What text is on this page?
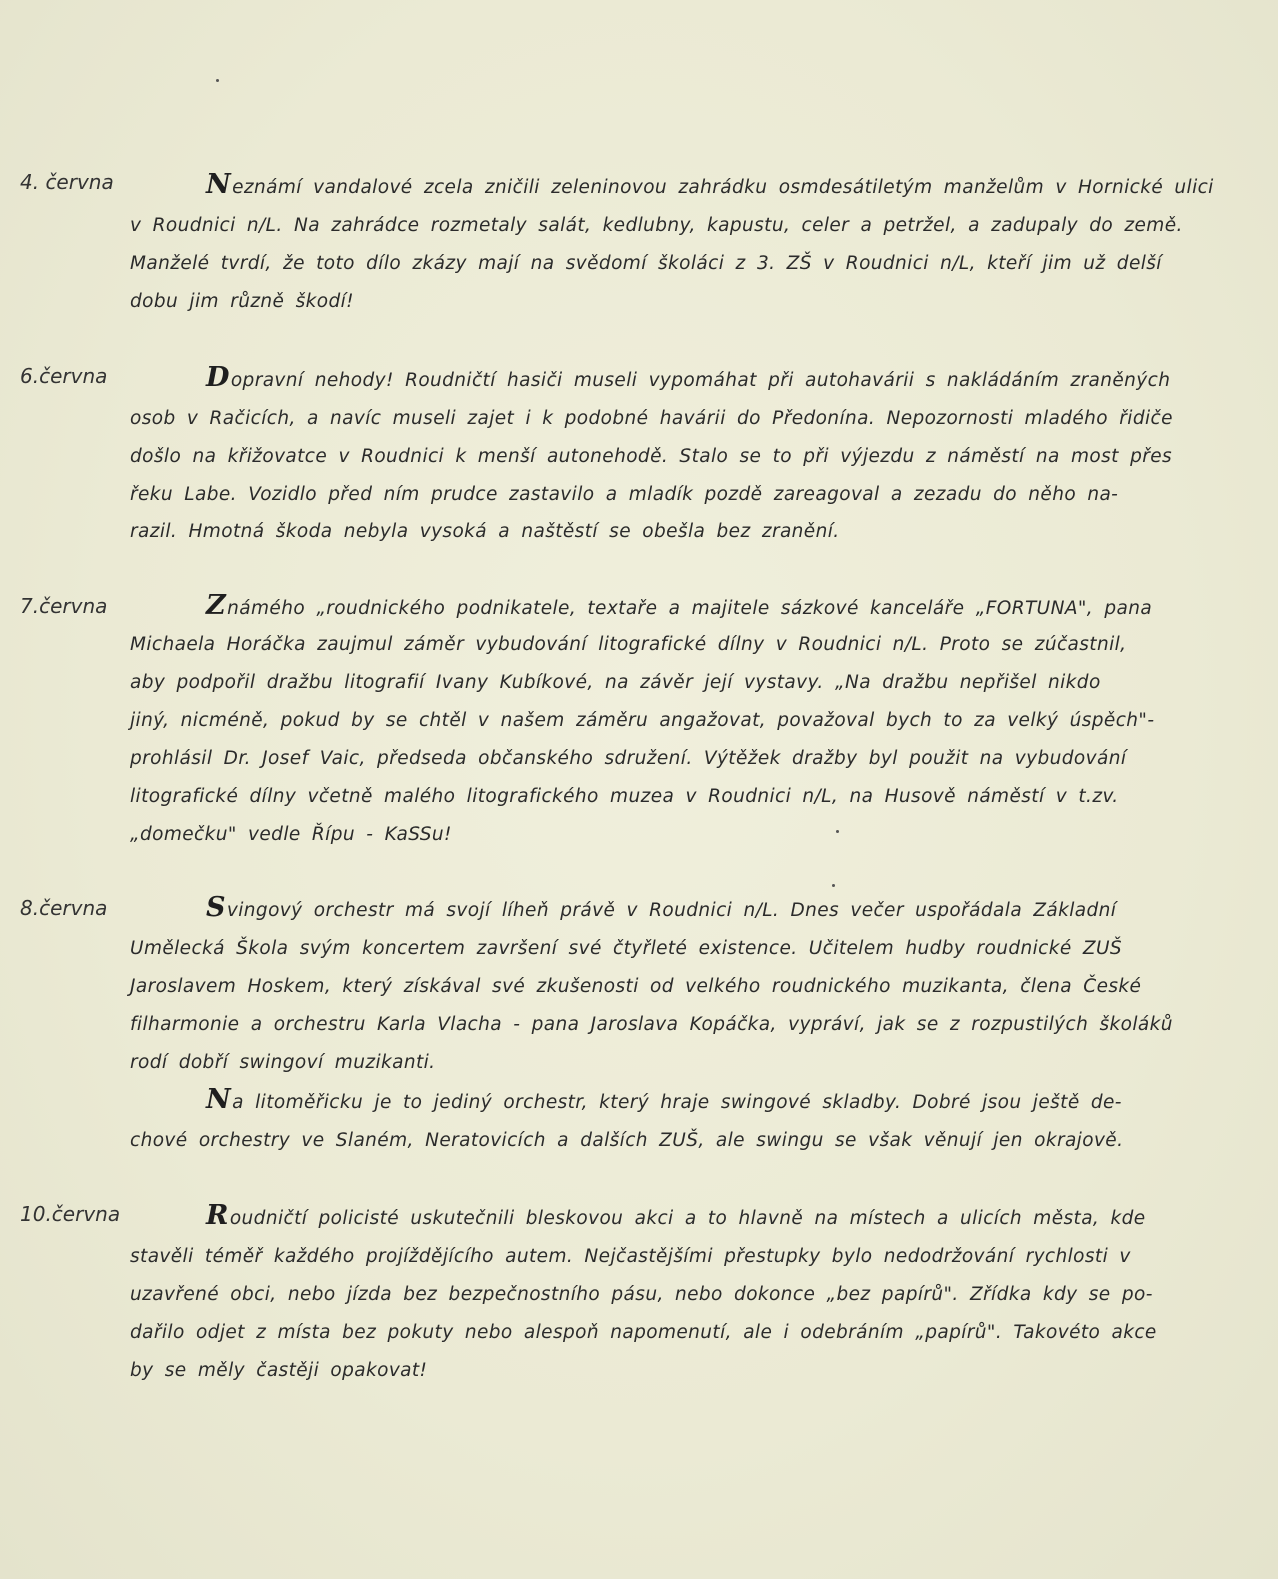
4. června	Neznámí vandalové zcela zničili zeleninovou zahrádku osmdesátiletým manželům v Hornické ulici
v Roudnici n/L. Na zahrádce rozmetaly salát, kedlubny, kapustu, celer a petržel, a zadupaly do země.
Manželé tvrdí, že toto dílo zkázy mají na svědomí školáci z 3. ZŠ v Roudnici n/L, kteří jim už delší
dobu jim různě škodí!
6.června	Dopravní nehody! Roudničtí hasiči museli vypomáhat při autohavárii s nakládáním zraněných
osob v Račicích, a navíc museli zajet i k podobné havárii do Předonína. Nepozornosti mladého řidiče
došlo na křižovatce v Roudnici k menší autonehodě. Stalo se to při výjezdu z náměstí na most přes
řeku Labe. Vozidlo před ním prudce zastavilo a mladík pozdě zareagoval a zezadu do něho na-
razil. Hmotná škoda nebyla vysoká a naštěstí se obešla bez zranění.
7.června	Známého „roudnického podnikatele, textaře a majitele sázkové kanceláře „FORTUNA", pana
Michaela Horáčka zaujmul záměr vybudování litografické dílny v Roudnici n/L. Proto se zúčastnil,
aby podpořil dražbu litografií Ivany Kubíkové, na závěr její vystavy. „Na dražbu nepřišel nikdo
jiný, nicméně, pokud by se chtěl v našem záměru angažovat, považoval bych to za velký úspěch"-
prohlásil Dr. Josef Vaic, předseda občanského sdružení. Výtěžek dražby byl použit na vybudování
litografické dílny včetně malého litografického muzea v Roudnici n/L, na Husově náměstí v t.zv.
„domečku" vedle Řípu - KaSSu!
8.června	Svingový orchestr má svojí líheň právě v Roudnici n/L. Dnes večer uspořádala Základní
Umělecká Škola svým koncertem završení své čtyřleté existence. Učitelem hudby roudnické ZUŠ
Jaroslavem Hoskem, který získával své zkušenosti od velkého roudnického muzikanta, člena České
filharmonie a orchestru Karla Vlacha - pana Jaroslava Kopáčka, vypráví, jak se z rozpustilých školáků
rodí dobří swingoví muzikanti.
Na litoměřicku je to jediný orchestr, který hraje swingové skladby. Dobré jsou ještě de-
chové orchestry ve Slaném, Neratovicích a dalších ZUŠ, ale swingu se však věnují jen okrajově.
10.června	Roudničtí policisté uskutečnili bleskovou akci a to hlavně na místech a ulicích města, kde
stavěli téměř každého projíždějícího autem. Nejčastějšími přestupky bylo nedodržování rychlosti v
uzavřené obci, nebo jízda bez bezpečnostního pásu, nebo dokonce „bez papírů". Zřídka kdy se po-
dařilo odjet z místa bez pokuty nebo alespoň napomenutí, ale i odebráním „papírů". Takovéto akce
by se měly častěji opakovat!
